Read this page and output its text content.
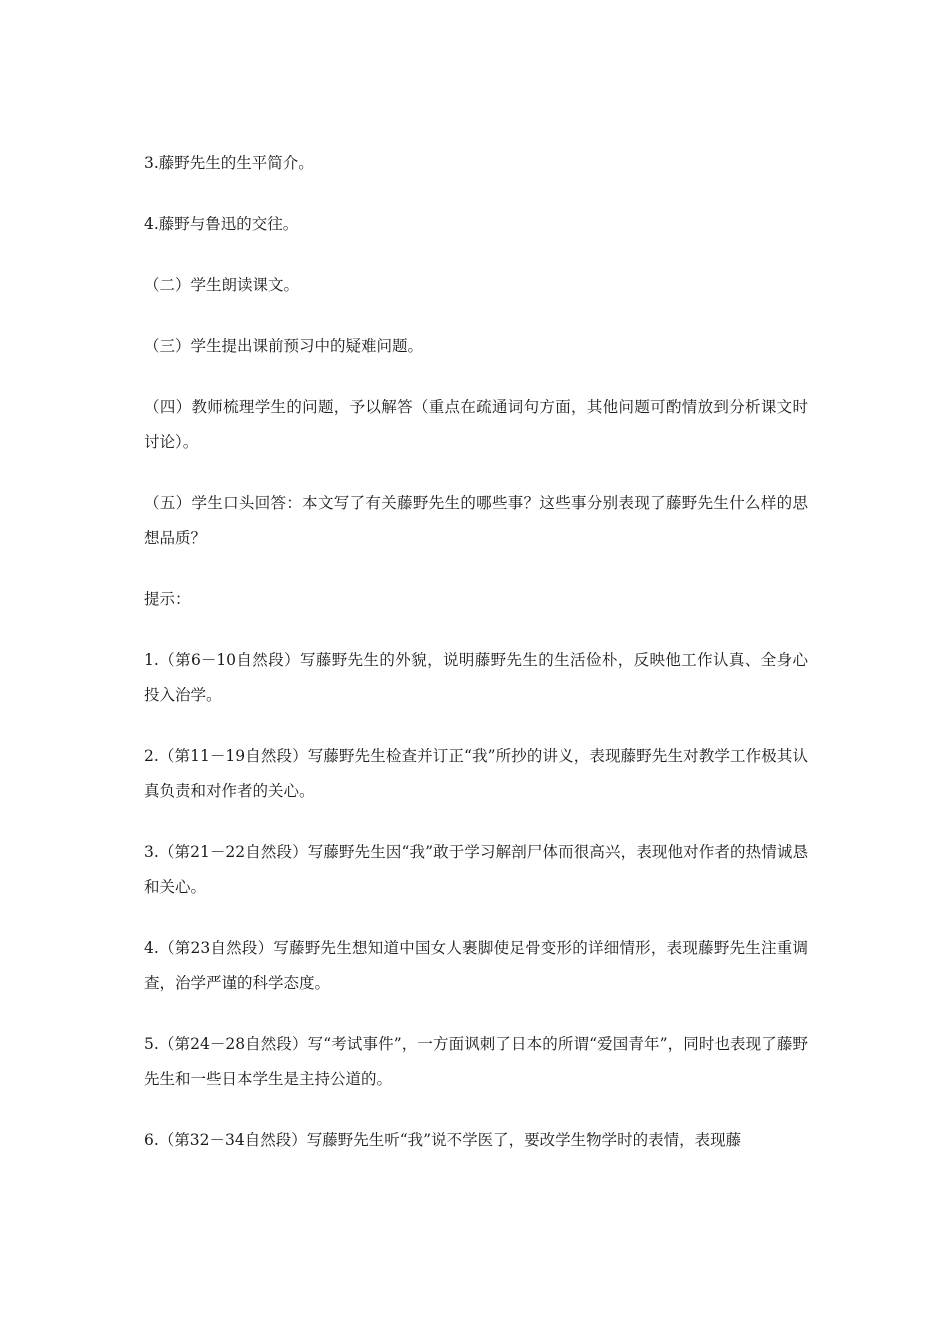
3.藤野先生的生平简介。

4.藤野与鲁迅的交往。

（二）学生朗读课文。

（三）学生提出课前预习中的疑难问题。

（四）教师梳理学生的问题，予以解答（重点在疏通词句方面，其他问题可酌情放到分析课文时讨论）。

（五）学生口头回答：本文写了有关藤野先生的哪些事？这些事分别表现了藤野先生什么样的思想品质？

提示：

1.（第6－10自然段）写藤野先生的外貌，说明藤野先生的生活俭朴，反映他工作认真、全身心投入治学。

2.（第11－19自然段）写藤野先生检查并订正“我”所抄的讲义，表现藤野先生对教学工作极其认真负责和对作者的关心。

3.（第21－22自然段）写藤野先生因“我”敢于学习解剖尸体而很高兴，表现他对作者的热情诚恳和关心。

4.（第23自然段）写藤野先生想知道中国女人裹脚使足骨变形的详细情形，表现藤野先生注重调查，治学严谨的科学态度。

5.（第24－28自然段）写“考试事件”，一方面讽刺了日本的所谓“爱国青年”，同时也表现了藤野先生和一些日本学生是主持公道的。

6.（第32－34自然段）写藤野先生听“我”说不学医了，要改学生物学时的表情，表现藤
